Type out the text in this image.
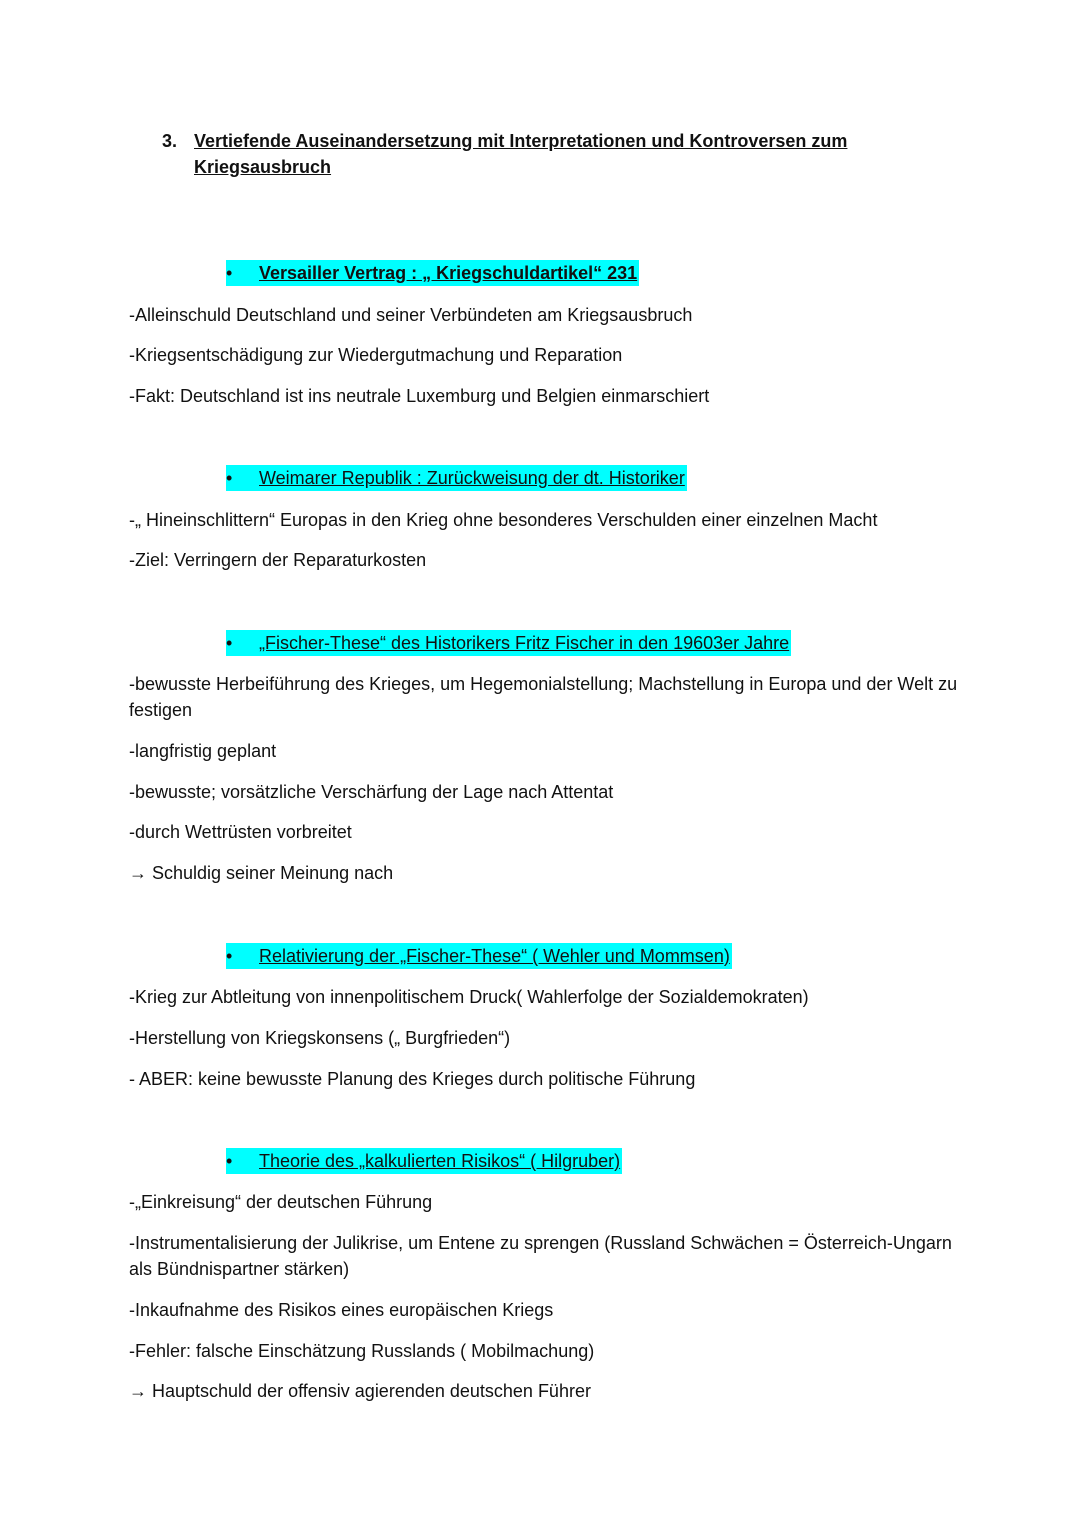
3. Vertiefende Auseinandersetzung mit Interpretationen und Kontroversen zum Kriegsausbruch
•	Versailler Vertrag : „ Kriegschuldartikel“ 231
-Alleinschuld Deutschland und seiner Verbündeten am Kriegsausbruch
-Kriegsentschädigung zur Wiedergutmachung und Reparation
-Fakt: Deutschland ist ins neutrale Luxemburg und Belgien einmarschiert
•	Weimarer Republik : Zurückweisung der dt. Historiker
-„ Hineinschlittern“ Europas in den Krieg ohne besonderes Verschulden einer einzelnen Macht
-Ziel: Verringern der Reparaturkosten
•	„Fischer-These“ des Historikers Fritz Fischer in den 19603er Jahre
-bewusste Herbeiführung des Krieges, um Hegemonialstellung; Machstellung in Europa und der Welt zu festigen
-langfristig geplant
-bewusste; vorsätzliche Verschärfung der Lage nach Attentat
-durch Wettrüsten vorbreitet
→ Schuldig seiner Meinung nach
•	Relativierung der „Fischer-These“ ( Wehler und Mommsen)
-Krieg zur Abtleitung von innenpolitischem Druck( Wahlerfolge der Sozialdemokraten)
-Herstellung von Kriegskonsens („ Burgfrieden“)
- ABER: keine bewusste Planung des Krieges durch politische Führung
•	Theorie des „kalkulierten Risikos“ ( Hilgruber)
-„Einkreisung“ der deutschen Führung
-Instrumentalisierung der Julikrise, um Entene zu sprengen (Russland Schwächen = Österreich-Ungarn als Bündnispartner stärken)
-Inkaufnahme des Risikos eines europäischen Kriegs
-Fehler: falsche Einschätzung Russlands ( Mobilmachung)
→ Hauptschuld der offensiv agierenden deutschen Führer
